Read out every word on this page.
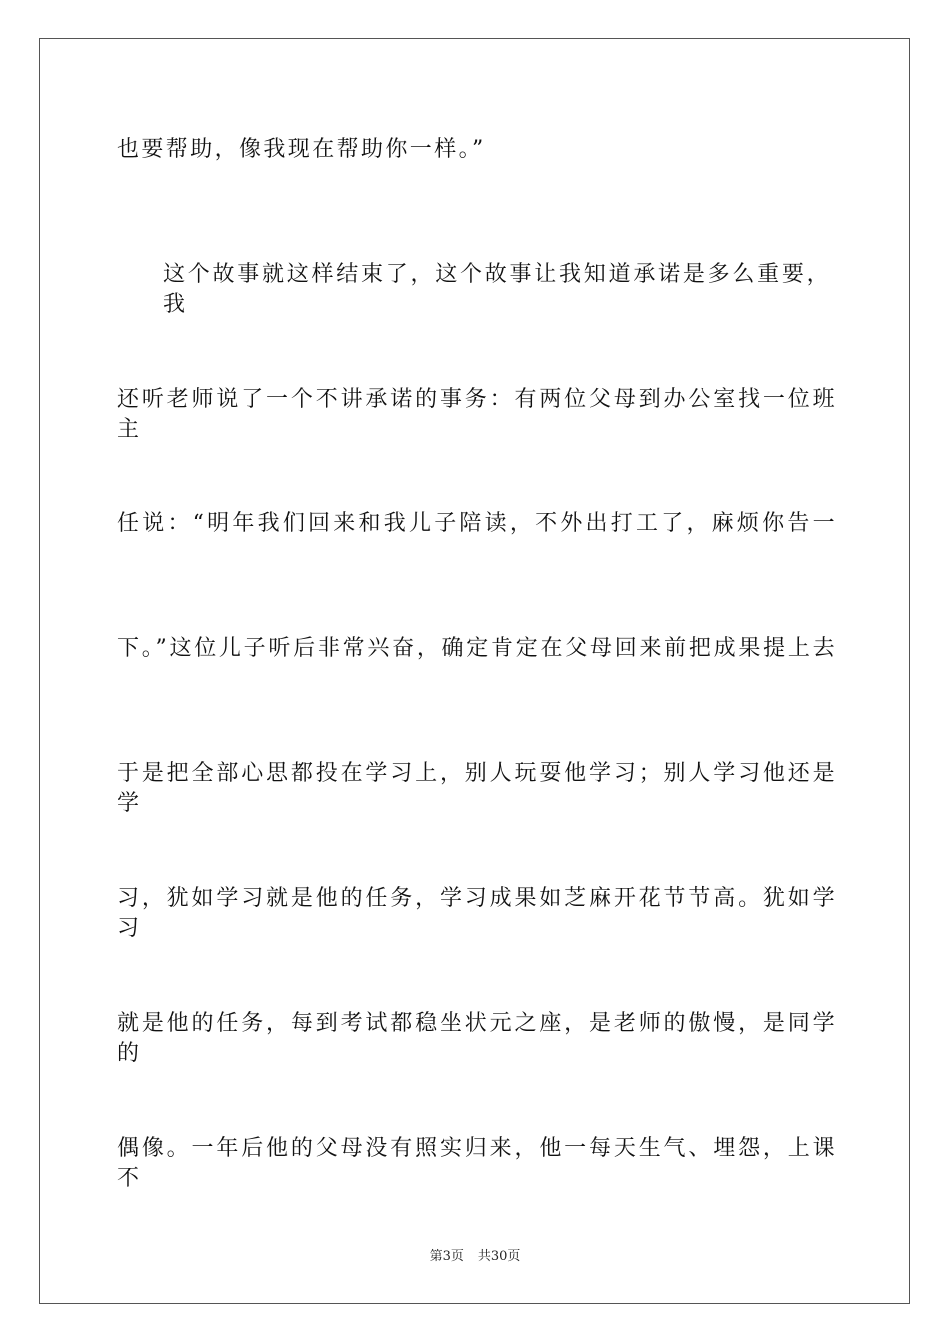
也要帮助，像我现在帮助你一样。”

这个故事就这样结束了，这个故事让我知道承诺是多么重要，我

还听老师说了一个不讲承诺的事务：有两位父母到办公室找一位班主

任说：“明年我们回来和我儿子陪读，不外出打工了，麻烦你告一

下。”这位儿子听后非常兴奋，确定肯定在父母回来前把成果提上去

于是把全部心思都投在学习上，别人玩耍他学习；别人学习他还是学

习，犹如学习就是他的任务，学习成果如芝麻开花节节高。犹如学习

就是他的任务，每到考试都稳坐状元之座，是老师的傲慢，是同学的

偶像。一年后他的父母没有照实归来，他一每天生气、埋怨，上课不

第3页 共30页
